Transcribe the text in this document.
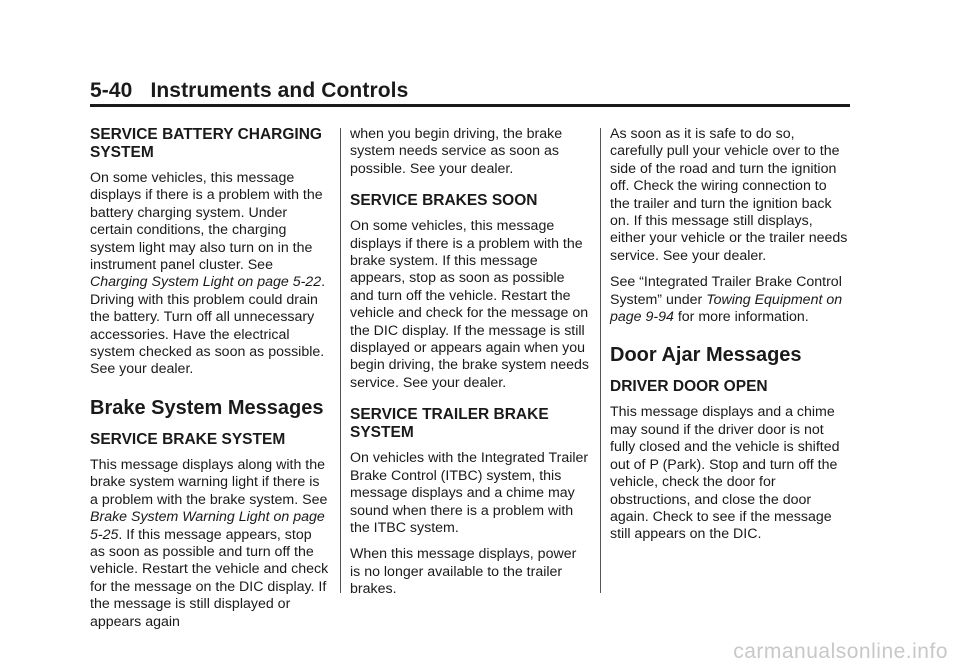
5-40 Instruments and Controls
SERVICE BATTERY CHARGING SYSTEM

On some vehicles, this message displays if there is a problem with the battery charging system. Under certain conditions, the charging system light may also turn on in the instrument panel cluster. See Charging System Light on page 5-22. Driving with this problem could drain the battery. Turn off all unnecessary accessories. Have the electrical system checked as soon as possible. See your dealer.

Brake System Messages
SERVICE BRAKE SYSTEM

This message displays along with the brake system warning light if there is a problem with the brake system. See Brake System Warning Light on page 5-25. If this message appears, stop as soon as possible and turn off the vehicle. Restart the vehicle and check for the message on the DIC display. If the message is still displayed or appears again

when you begin driving, the brake system needs service as soon as possible. See your dealer.

SERVICE BRAKES SOON

On some vehicles, this message displays if there is a problem with the brake system. If this message appears, stop as soon as possible and turn off the vehicle. Restart the vehicle and check for the message on the DIC display. If the message is still displayed or appears again when you begin driving, the brake system needs service. See your dealer.

SERVICE TRAILER BRAKE SYSTEM

On vehicles with the Integrated Trailer Brake Control (ITBC) system, this message displays and a chime may sound when there is a problem with the ITBC system.

When this message displays, power is no longer available to the trailer brakes.

As soon as it is safe to do so, carefully pull your vehicle over to the side of the road and turn the ignition off. Check the wiring connection to the trailer and turn the ignition back on. If this message still displays, either your vehicle or the trailer needs service. See your dealer.

See “Integrated Trailer Brake Control System” under Towing Equipment on page 9-94 for more information.

Door Ajar Messages
DRIVER DOOR OPEN

This message displays and a chime may sound if the driver door is not fully closed and the vehicle is shifted out of P (Park). Stop and turn off the vehicle, check the door for obstructions, and close the door again. Check to see if the message still appears on the DIC.

carmanualsonline.info
